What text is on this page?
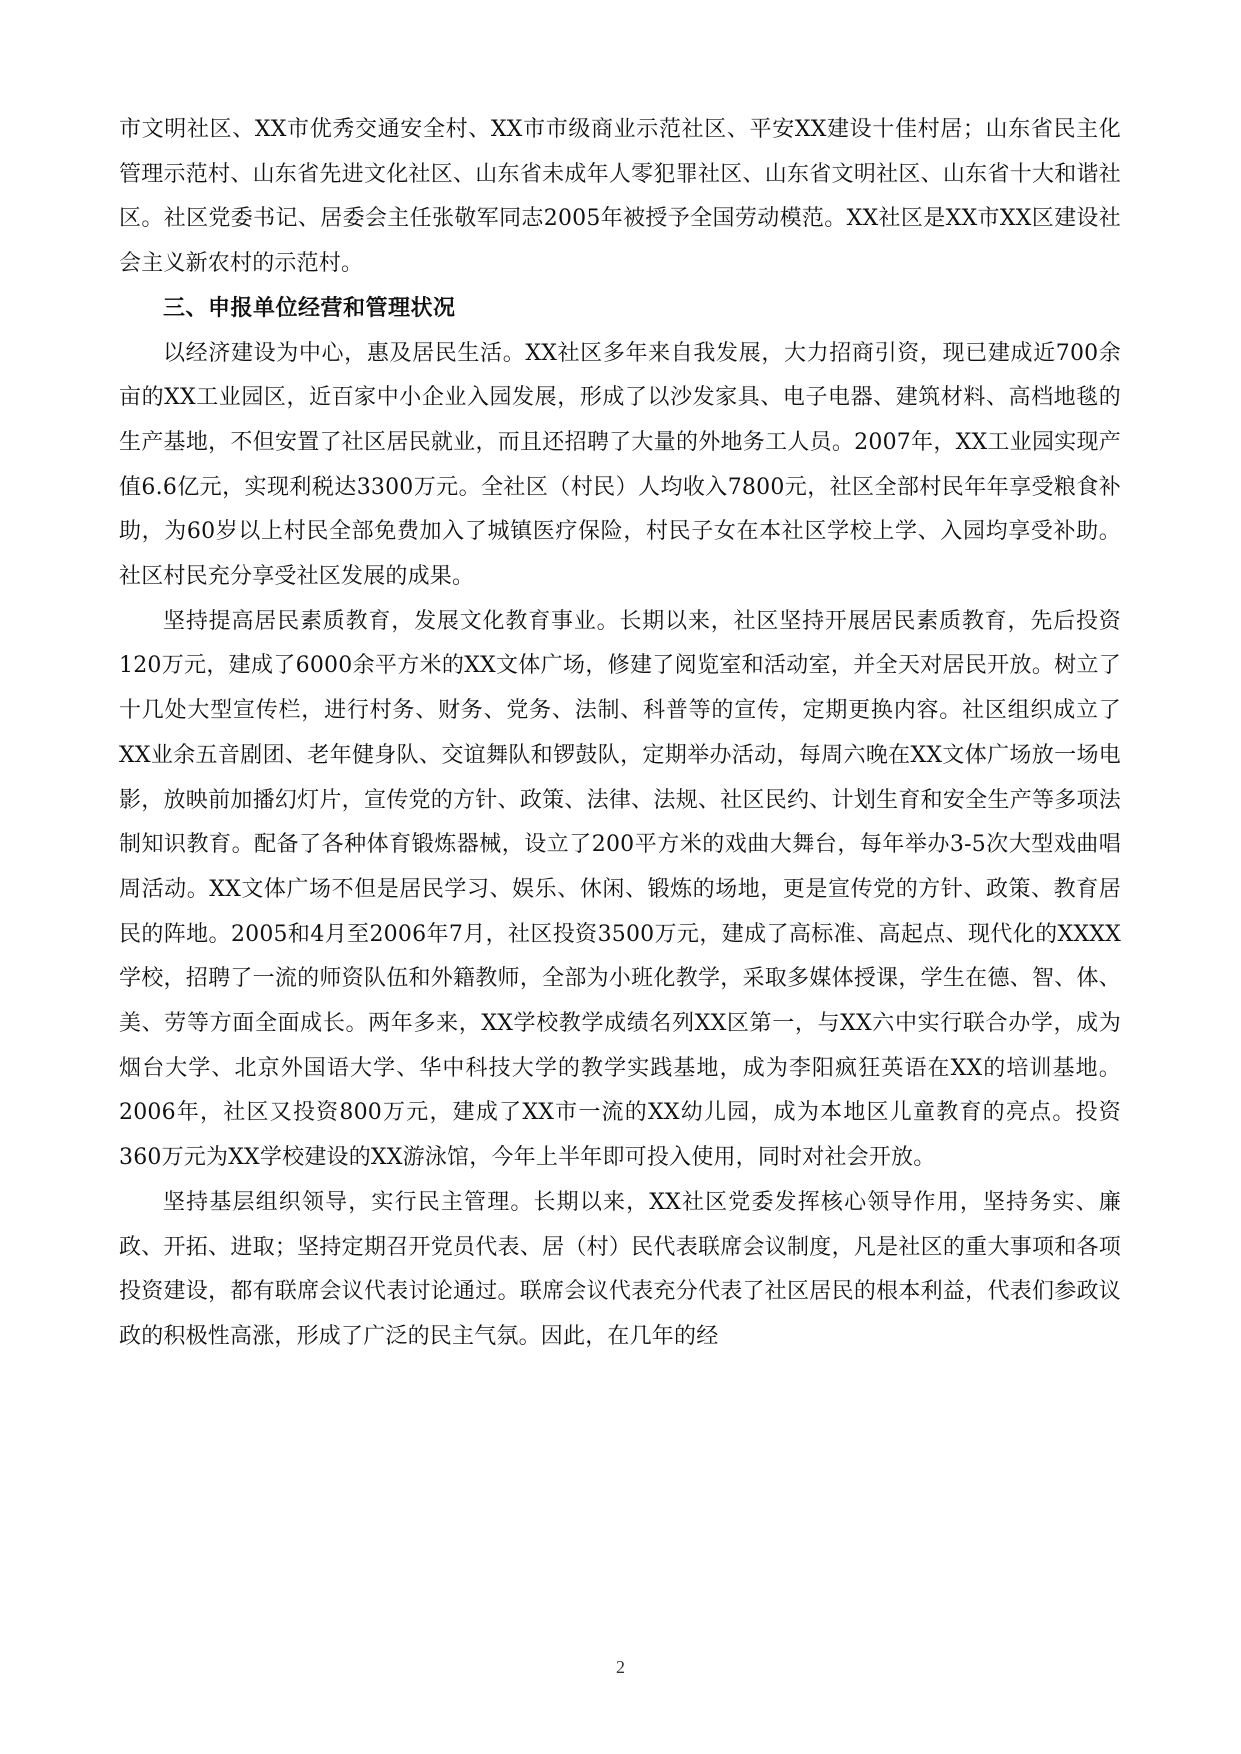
市文明社区、XX市优秀交通安全村、XX市市级商业示范社区、平安XX建设十佳村居；山东省民主化管理示范村、山东省先进文化社区、山东省未成年人零犯罪社区、山东省文明社区、山东省十大和谐社区。社区党委书记、居委会主任张敬军同志2005年被授予全国劳动模范。XX社区是XX市XX区建设社会主义新农村的示范村。

三、申报单位经营和管理状况

以经济建设为中心，惠及居民生活。XX社区多年来自我发展，大力招商引资，现已建成近700余亩的XX工业园区，近百家中小企业入园发展，形成了以沙发家具、电子电器、建筑材料、高档地毯的生产基地，不但安置了社区居民就业，而且还招聘了大量的外地务工人员。2007年，XX工业园实现产值6.6亿元，实现利税达3300万元。全社区（村民）人均收入7800元，社区全部村民年年享受粮食补助，为60岁以上村民全部免费加入了城镇医疗保险，村民子女在本社区学校上学、入园均享受补助。社区村民充分享受社区发展的成果。

坚持提高居民素质教育，发展文化教育事业。长期以来，社区坚持开展居民素质教育，先后投资120万元，建成了6000余平方米的XX文体广场，修建了阅览室和活动室，并全天对居民开放。树立了十几处大型宣传栏，进行村务、财务、党务、法制、科普等的宣传，定期更换内容。社区组织成立了XX业余五音剧团、老年健身队、交谊舞队和锣鼓队，定期举办活动，每周六晚在XX文体广场放一场电影，放映前加播幻灯片，宣传党的方针、政策、法律、法规、社区民约、计划生育和安全生产等多项法制知识教育。配备了各种体育锻炼器械，设立了200平方米的戏曲大舞台，每年举办3-5次大型戏曲唱周活动。XX文体广场不但是居民学习、娱乐、休闲、锻炼的场地，更是宣传党的方针、政策、教育居民的阵地。2005和4月至2006年7月，社区投资3500万元，建成了高标准、高起点、现代化的XXXX学校，招聘了一流的师资队伍和外籍教师，全部为小班化教学，采取多媒体授课，学生在德、智、体、美、劳等方面全面成长。两年多来，XX学校教学成绩名列XX区第一，与XX六中实行联合办学，成为烟台大学、北京外国语大学、华中科技大学的教学实践基地，成为李阳疯狂英语在XX的培训基地。2006年，社区又投资800万元，建成了XX市一流的XX幼儿园，成为本地区儿童教育的亮点。投资360万元为XX学校建设的XX游泳馆，今年上半年即可投入使用，同时对社会开放。

坚持基层组织领导，实行民主管理。长期以来，XX社区党委发挥核心领导作用，坚持务实、廉政、开拓、进取；坚持定期召开党员代表、居（村）民代表联席会议制度，凡是社区的重大事项和各项投资建设，都有联席会议代表讨论通过。联席会议代表充分代表了社区居民的根本利益，代表们参政议政的积极性高涨，形成了广泛的民主气氛。因此，在几年的经

2
